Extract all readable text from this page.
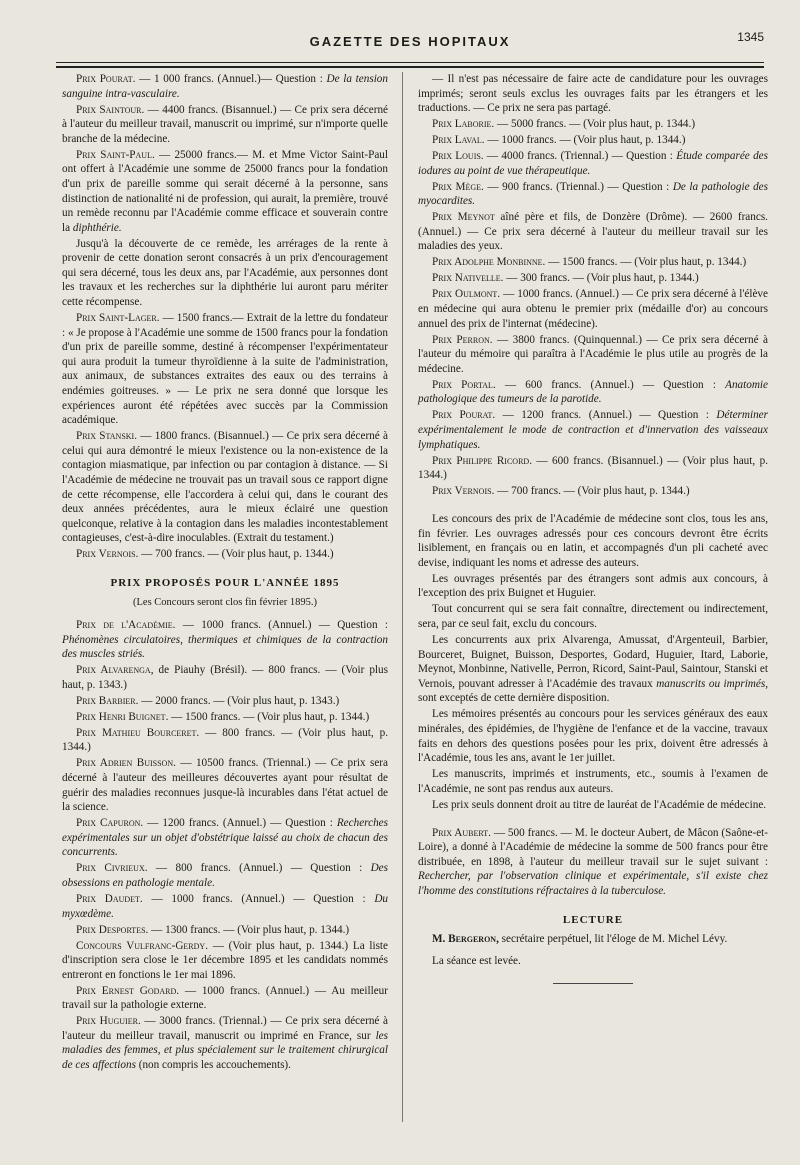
GAZETTE DES HOPITAUX	1345

Prix Pourat. — 1 000 francs. (Annuel.)— Question : De la tension sanguine intra-vasculaire.

Prix Saintour. — 4400 francs. (Bisannuel.) — Ce prix sera décerné à l'auteur du meilleur travail, manuscrit ou imprimé, sur n'importe quelle branche de la médecine.

Prix Saint-Paul. — 25000 francs.— M. et Mme Victor Saint-Paul ont offert à l'Académie une somme de 25000 francs pour la fondation d'un prix de pareille somme qui serait décerné à la personne, sans distinction de nationalité ni de profession, qui aurait, la première, trouvé un remède reconnu par l'Académie comme efficace et souverain contre la diphthérie.

Jusqu'à la découverte de ce remède, les arrérages de la rente à provenir de cette donation seront consacrés à un prix d'encouragement qui sera décerné, tous les deux ans, par l'Académie, aux personnes dont les travaux et les recherches sur la diphthérie lui auront paru mériter cette récompense.

Prix Saint-Lager. — 1500 francs.— Extrait de la lettre du fondateur : « Je propose à l'Académie une somme de 1500 francs pour la fondation d'un prix de pareille somme, destiné à récompenser l'expérimentateur qui aura produit la tumeur thyroïdienne à la suite de l'administration, aux animaux, de substances extraites des eaux ou des terrains à endémies goitreuses. » — Le prix ne sera donné que lorsque les expériences auront été répétées avec succès par la Commission académique.

Prix Stanski. — 1800 francs. (Bisannuel.) — Ce prix sera décerné à celui qui aura démontré le mieux l'existence ou la non-existence de la contagion miasmatique, par infection ou par contagion à distance. — Si l'Académie de médecine ne trouvait pas un travail sous ce rapport digne de cette récompense, elle l'accordera à celui qui, dans le courant des deux années précédentes, aura le mieux éclairé une question quelconque, relative à la contagion dans les maladies incontestablement contagieuses, c'est-à-dire inoculables. (Extrait du testament.)

Prix Vernois. — 700 francs. — (Voir plus haut, p. 1344.)

PRIX PROPOSÉS POUR L'ANNÉE 1895
(Les Concours seront clos fin février 1895.)

Prix de l'Académie. — 1000 francs. (Annuel.) — Question : Phénomènes circulatoires, thermiques et chimiques de la contraction des muscles striés.

Prix Alvarenga, de Piauhy (Brésil). — 800 francs. — (Voir plus haut, p. 1343.)

Prix Barbier. — 2000 francs. — (Voir plus haut, p. 1343.)

Prix Henri Buignet. — 1500 francs. — (Voir plus haut, p. 1344.)

Prix Mathieu Bourceret. — 800 francs. — (Voir plus haut, p. 1344.)

Prix Adrien Buisson. — 10500 francs. (Triennal.) — Ce prix sera décerné à l'auteur des meilleures découvertes ayant pour résultat de guérir des maladies reconnues jusque-là incurables dans l'état actuel de la science.

Prix Capuron. — 1200 francs. (Annuel.) — Question : Recherches expérimentales sur un objet d'obstétrique laissé au choix de chacun des concurrents.

Prix Civrieux. — 800 francs. (Annuel.) — Question : Des obsessions en pathologie mentale.

Prix Daudet. — 1000 francs. (Annuel.) — Question : Du myxœdème.

Prix Desportes. — 1300 francs. — (Voir plus haut, p. 1344.)

Concours Vulfranc-Gerdy. — (Voir plus haut, p. 1344.) La liste d'inscription sera close le 1er décembre 1895 et les candidats nommés entreront en fonctions le 1er mai 1896.

Prix Ernest Godard. — 1000 francs. (Annuel.) — Au meilleur travail sur la pathologie externe.

Prix Huguier. — 3000 francs. (Triennal.) — Ce prix sera décerné à l'auteur du meilleur travail, manuscrit ou imprimé en France, sur les maladies des femmes, et plus spécialement sur le traitement chirurgical de ces affections (non compris les accouchements).

— Il n'est pas nécessaire de faire acte de candidature pour les ouvrages imprimés; seront seuls exclus les ouvrages faits par les étrangers et les traductions. — Ce prix ne sera pas partagé.

Prix Laborie. — 5000 francs. — (Voir plus haut, p. 1344.)

Prix Laval. — 1000 francs. — (Voir plus haut, p. 1344.)

Prix Louis. — 4000 francs. (Triennal.) — Question : Étude comparée des iodures au point de vue thérapeutique.

Prix Mège. — 900 francs. (Triennal.) — Question : De la pathologie des myocardites.

Prix Meynot aîné père et fils, de Donzère (Drôme). — 2600 francs. (Annuel.) — Ce prix sera décerné à l'auteur du meilleur travail sur les maladies des yeux.

Prix Adolphe Monbinne. — 1500 francs. — (Voir plus haut, p. 1344.)

Prix Nativelle. — 300 francs. — (Voir plus haut, p. 1344.)

Prix Oulmont. — 1000 francs. (Annuel.) — Ce prix sera décerné à l'élève en médecine qui aura obtenu le premier prix (médaille d'or) au concours annuel des prix de l'internat (médecine).

Prix Perron. — 3800 francs. (Quinquennal.) — Ce prix sera décerné à l'auteur du mémoire qui paraîtra à l'Académie le plus utile au progrès de la médecine.

Prix Portal. — 600 francs. (Annuel.) — Question : Anatomie pathologique des tumeurs de la parotide.

Prix Pourat. — 1200 francs. (Annuel.) — Question : Déterminer expérimentalement le mode de contraction et d'innervation des vaisseaux lymphatiques.

Prix Philippe Ricord. — 600 francs. (Bisannuel.) — (Voir plus haut, p. 1344.)

Prix Vernois. — 700 francs. — (Voir plus haut, p. 1344.)

Les concours des prix de l'Académie de médecine sont clos, tous les ans, fin février. Les ouvrages adressés pour ces concours devront être écrits lisiblement, en français ou en latin, et accompagnés d'un pli cacheté avec devise, indiquant les noms et adresse des auteurs.

Les ouvrages présentés par des étrangers sont admis aux concours, à l'exception des prix Buignet et Huguier.

Tout concurrent qui se sera fait connaître, directement ou indirectement, sera, par ce seul fait, exclu du concours.

Les concurrents aux prix Alvarenga, Amussat, d'Argenteuil, Barbier, Bourceret, Buignet, Buisson, Desportes, Godard, Huguier, Itard, Laborie, Meynot, Monbinne, Nativelle, Perron, Ricord, Saint-Paul, Saintour, Stanski et Vernois, pouvant adresser à l'Académie des travaux manuscrits ou imprimés, sont exceptés de cette dernière disposition.

Les mémoires présentés au concours pour les services généraux des eaux minérales, des épidémies, de l'hygiène de l'enfance et de la vaccine, travaux faits en dehors des questions posées pour les prix, doivent être adressés à l'Académie, tous les ans, avant le 1er juillet.

Les manuscrits, imprimés et instruments, etc., soumis à l'examen de l'Académie, ne sont pas rendus aux auteurs.

Les prix seuls donnent droit au titre de lauréat de l'Académie de médecine.

Prix Aubert. — 500 francs. — M. le docteur Aubert, de Mâcon (Saône-et-Loire), a donné à l'Académie de médecine la somme de 500 francs pour être distribuée, en 1898, à l'auteur du meilleur travail sur le sujet suivant : Rechercher, par l'observation clinique et expérimentale, s'il existe chez l'homme des constitutions réfractaires à la tuberculose.

LECTURE

M. Bergeron, secrétaire perpétuel, lit l'éloge de M. Michel Lévy.

La séance est levée.
